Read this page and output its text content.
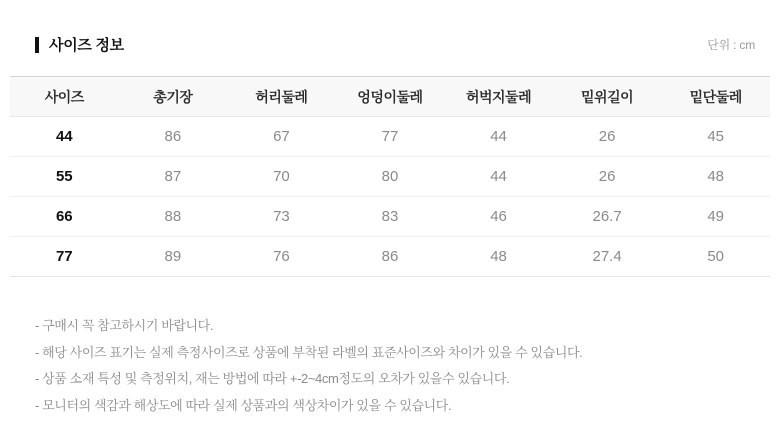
사이즈 정보	단위 : cm
사이즈	총기장	허리둘레	엉덩이둘레	허벅지둘레	밑위길이	밑단둘레
44	86	67	77	44	26	45
55	87	70	80	44	26	48
66	88	73	83	46	26.7	49
77	89	76	86	48	27.4	50
- 구매시 꼭 참고하시기 바랍니다.
- 해당 사이즈 표기는 실제 측정사이즈로 상품에 부착된 라벨의 표준사이즈와 차이가 있을 수 있습니다.
- 상품 소재 특성 및 측정위치, 재는 방법에 따라 +-2~4cm정도의 오차가 있을수 있습니다.
- 모니터의 색감과 해상도에 따라 실제 상품과의 색상차이가 있을 수 있습니다.
